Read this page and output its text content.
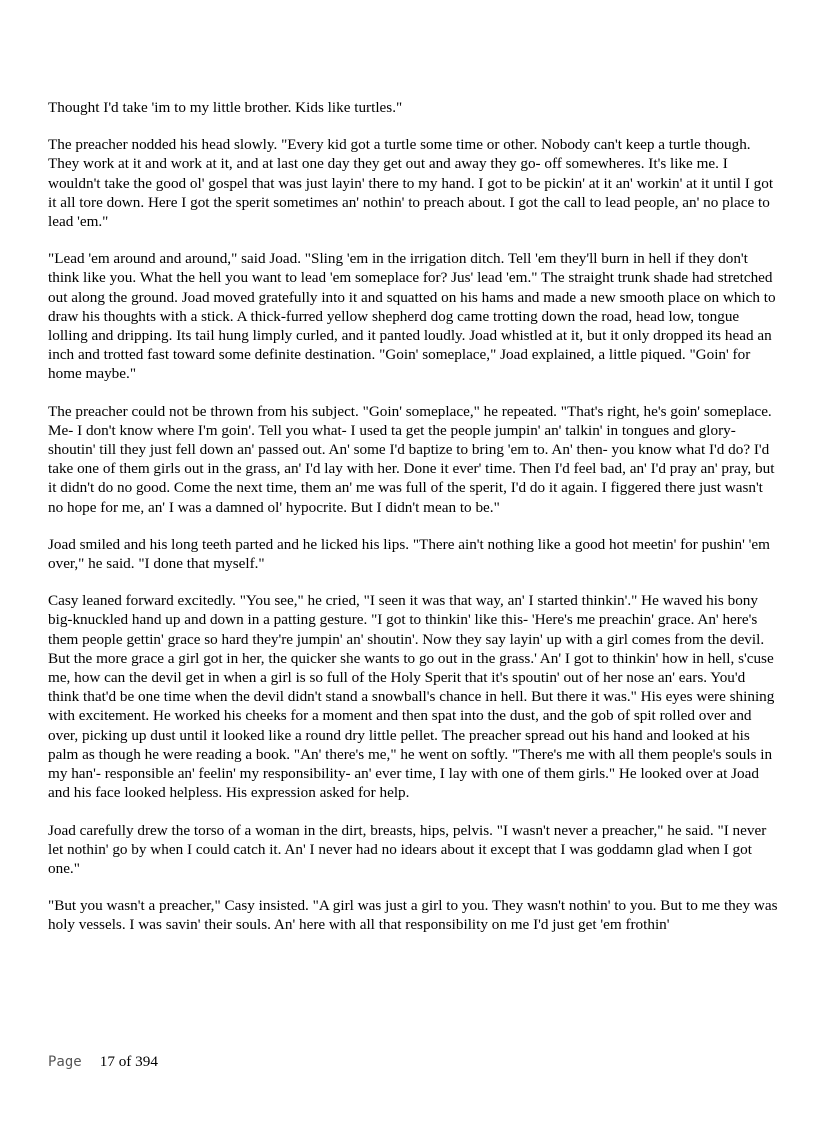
Thought I'd take 'im to my little brother. Kids like turtles."

The preacher nodded his head slowly. "Every kid got a turtle some time or other. Nobody can't keep a turtle though. They work at it and work at it, and at last one day they get out and away they go- off somewheres. It's like me. I wouldn't take the good ol' gospel that was just layin' there to my hand. I got to be pickin' at it an' workin' at it until I got it all tore down. Here I got the sperit sometimes an' nothin' to preach about. I got the call to lead people, an' no place to lead 'em."

"Lead 'em around and around," said Joad. "Sling 'em in the irrigation ditch. Tell 'em they'll burn in hell if they don't think like you. What the hell you want to lead 'em someplace for? Jus' lead 'em." The straight trunk shade had stretched out along the ground. Joad moved gratefully into it and squatted on his hams and made a new smooth place on which to draw his thoughts with a stick. A thick-furred yellow shepherd dog came trotting down the road, head low, tongue lolling and dripping. Its tail hung limply curled, and it panted loudly. Joad whistled at it, but it only dropped its head an inch and trotted fast toward some definite destination. "Goin' someplace," Joad explained, a little piqued. "Goin' for home maybe."

The preacher could not be thrown from his subject. "Goin' someplace," he repeated. "That's right, he's goin' someplace. Me- I don't know where I'm goin'. Tell you what- I used ta get the people jumpin' an' talkin' in tongues and glory-shoutin' till they just fell down an' passed out. An' some I'd baptize to bring 'em to. An' then- you know what I'd do? I'd take one of them girls out in the grass, an' I'd lay with her. Done it ever' time. Then I'd feel bad, an' I'd pray an' pray, but it didn't do no good. Come the next time, them an' me was full of the sperit, I'd do it again. I figgered there just wasn't no hope for me, an' I was a damned ol' hypocrite. But I didn't mean to be."

Joad smiled and his long teeth parted and he licked his lips. "There ain't nothing like a good hot meetin' for pushin' 'em over," he said. "I done that myself."

Casy leaned forward excitedly. "You see," he cried, "I seen it was that way, an' I started thinkin'." He waved his bony big-knuckled hand up and down in a patting gesture. "I got to thinkin' like this- 'Here's me preachin' grace. An' here's them people gettin' grace so hard they're jumpin' an' shoutin'. Now they say layin' up with a girl comes from the devil. But the more grace a girl got in her, the quicker she wants to go out in the grass.' An' I got to thinkin' how in hell, s'cuse me, how can the devil get in when a girl is so full of the Holy Sperit that it's spoutin' out of her nose an' ears. You'd think that'd be one time when the devil didn't stand a snowball's chance in hell. But there it was." His eyes were shining with excitement. He worked his cheeks for a moment and then spat into the dust, and the gob of spit rolled over and over, picking up dust until it looked like a round dry little pellet. The preacher spread out his hand and looked at his palm as though he were reading a book. "An' there's me," he went on softly. "There's me with all them people's souls in my han'- responsible an' feelin' my responsibility- an' ever time, I lay with one of them girls." He looked over at Joad and his face looked helpless. His expression asked for help.

Joad carefully drew the torso of a woman in the dirt, breasts, hips, pelvis. "I wasn't never a preacher," he said. "I never let nothin' go by when I could catch it. An' I never had no idears about it except that I was goddamn glad when I got one."

"But you wasn't a preacher," Casy insisted. "A girl was just a girl to you. They wasn't nothin' to you. But to me they was holy vessels. I was savin' their souls. An' here with all that responsibility on me I'd just get 'em frothin'

Page 17 of 394
